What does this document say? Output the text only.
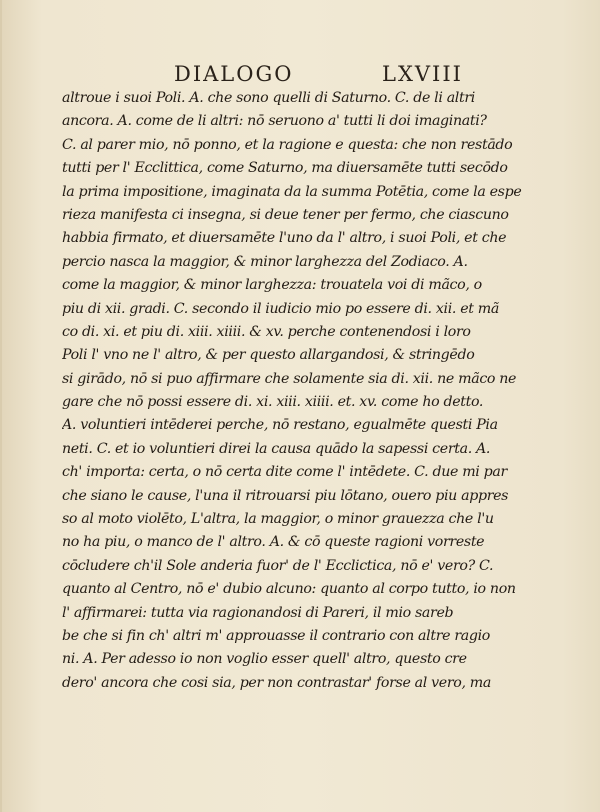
DIALOGO	LXVIII
altroue i suoi Poli. A. che sono quelli di Saturno. C. de li altri
ancora. A. come de li altri: nō seruono a' tutti li doi imaginati?
C. al parer mio, nō ponno, et la ragione e questa: che non restādo
tutti per l' Ecclittica, come Saturno, ma diuersamēte tutti secōdo
la prima impositione, imaginata da la summa Potētia, come la espe
rieza manifesta ci insegna, si deue tener per fermo, che ciascuno
habbia firmato, et diuersamēte l'uno da l' altro, i suoi Poli, et che
percio nasca la maggior, & minor larghezza del Zodiaco. A.
come la maggior, & minor larghezza: trouatela voi di mãco, o
piu di xii. gradi. C. secondo il iudicio mio po essere di. xii. et mã
co di. xi. et piu di. xiii. xiiii. & xv. perche contenendosi i loro
Poli l' vno ne l' altro, & per questo allargandosi, & stringēdo
si girādo, nō si puo affirmare che solamente sia di. xii. ne mãco ne
gare che nō possi essere di. xi. xiii. xiiii. et. xv. come ho detto.
A. voluntieri intēderei perche, nō restano, egualmēte questi Pia
neti. C. et io voluntieri direi la causa quādo la sapessi certa. A.
ch' importa: certa, o nō certa dite come l' intēdete. C. due mi par
che siano le cause, l'una il ritrouarsi piu lōtano, ouero piu appres
so al moto violēto, L'altra, la maggior, o minor grauezza che l'u
no ha piu, o manco de l' altro. A. & cō queste ragioni vorreste
cōcludere ch'il Sole anderia fuor' de l' Ecclictica, nō e' vero? C.
quanto al Centro, nō e' dubio alcuno: quanto al corpo tutto, io non
l' affirmarei: tutta via ragionandosi di Pareri, il mio sareb
be che si fin ch' altri m' approuasse il contrario con altre ragio
ni. A. Per adesso io non voglio esser quell' altro, questo cre
dero' ancora che cosi sia, per non contrastar' forse al vero, ma
